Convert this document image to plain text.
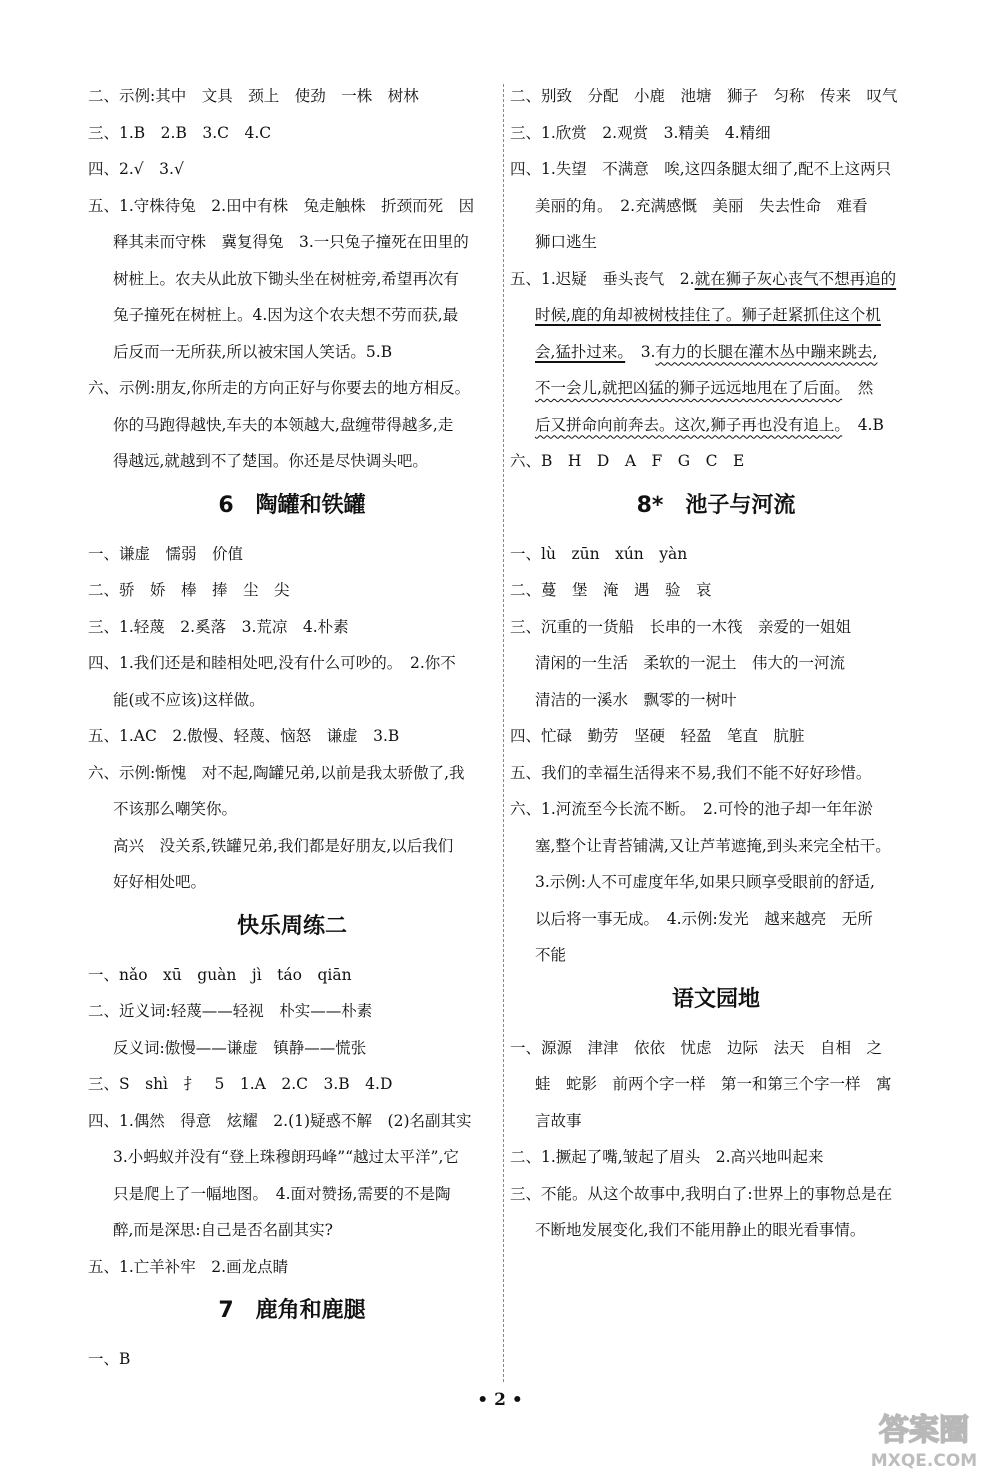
二、示例:其中　文具　颈上　使劲　一株　树林
三、1.B　2.B　3.C　4.C
四、2.√　3.√
五、1.守株待兔　2.田中有株　兔走触株　折颈而死　因
释其耒而守株　冀复得兔　3.一只兔子撞死在田里的
树桩上。农夫从此放下锄头坐在树桩旁,希望再次有
兔子撞死在树桩上。4.因为这个农夫想不劳而获,最
后反而一无所获,所以被宋国人笑话。5.B
六、示例:朋友,你所走的方向正好与你要去的地方相反。
你的马跑得越快,车夫的本领越大,盘缠带得越多,走
得越远,就越到不了楚国。你还是尽快调头吧。
6　陶罐和铁罐
一、谦虚　懦弱　价值
二、骄　娇　棒　捧　尘　尖
三、1.轻蔑　2.奚落　3.荒凉　4.朴素
四、1.我们还是和睦相处吧,没有什么可吵的。　2.你不
能(或不应该)这样做。
五、1.AC　2.傲慢、轻蔑、恼怒　谦虚　3.B
六、示例:惭愧　对不起,陶罐兄弟,以前是我太骄傲了,我
不该那么嘲笑你。
高兴　没关系,铁罐兄弟,我们都是好朋友,以后我们
好好相处吧。
快乐周练二
一、nǎo　xū　guàn　jì　táo　qiān
二、近义词:轻蔑——轻视　朴实——朴素
反义词:傲慢——谦虚　镇静——慌张
三、S　shì　扌　5　1.A　2.C　3.B　4.D
四、1.偶然　得意　炫耀　2.(1)疑惑不解　(2)名副其实
3.小蚂蚁并没有“登上珠穆朗玛峰”“越过太平洋”,它
只是爬上了一幅地图。　4.面对赞扬,需要的不是陶
醉,而是深思:自己是否名副其实?
五、1.亡羊补牢　2.画龙点睛
7　鹿角和鹿腿
一、B
二、别致　分配　小鹿　池塘　狮子　匀称　传来　叹气
三、1.欣赏　2.观赏　3.精美　4.精细
四、1.失望　不满意　唉,这四条腿太细了,配不上这两只
美丽的角。　2.充满感慨　美丽　失去性命　难看
狮口逃生
五、1.迟疑　垂头丧气　2.就在狮子灰心丧气不想再追的
时候,鹿的角却被树枝挂住了。狮子赶紧抓住这个机
会,猛扑过来。　3.有力的长腿在灌木丛中蹦来跳去,
不一会儿,就把凶猛的狮子远远地甩在了后面。　然
后又拼命向前奔去。这次,狮子再也没有追上。　4.B
六、B　H　D　A　F　G　C　E
8*　池子与河流
一、lù　zūn　xún　yàn
二、蔓　堡　淹　遇　验　哀
三、沉重的一货船　长串的一木筏　亲爱的一姐姐
清闲的一生活　柔软的一泥土　伟大的一河流
清洁的一溪水　飘零的一树叶
四、忙碌　勤劳　坚硬　轻盈　笔直　肮脏
五、我们的幸福生活得来不易,我们不能不好好珍惜。
六、1.河流至今长流不断。　2.可怜的池子却一年年淤
塞,整个让青苔铺满,又让芦苇遮掩,到头来完全枯干。
3.示例:人不可虚度年华,如果只顾享受眼前的舒适,
以后将一事无成。　4.示例:发光　越来越亮　无所
不能
语文园地
一、源源　津津　依依　忧虑　边际　法天　自相　之
蛙　蛇影　前两个字一样　第一和第三个字一样　寓
言故事
二、1.撅起了嘴,皱起了眉头　2.高兴地叫起来
三、不能。从这个故事中,我明白了:世界上的事物总是在
不断地发展变化,我们不能用静止的眼光看事情。
• 2 •
答案圈
MXQE.COM
